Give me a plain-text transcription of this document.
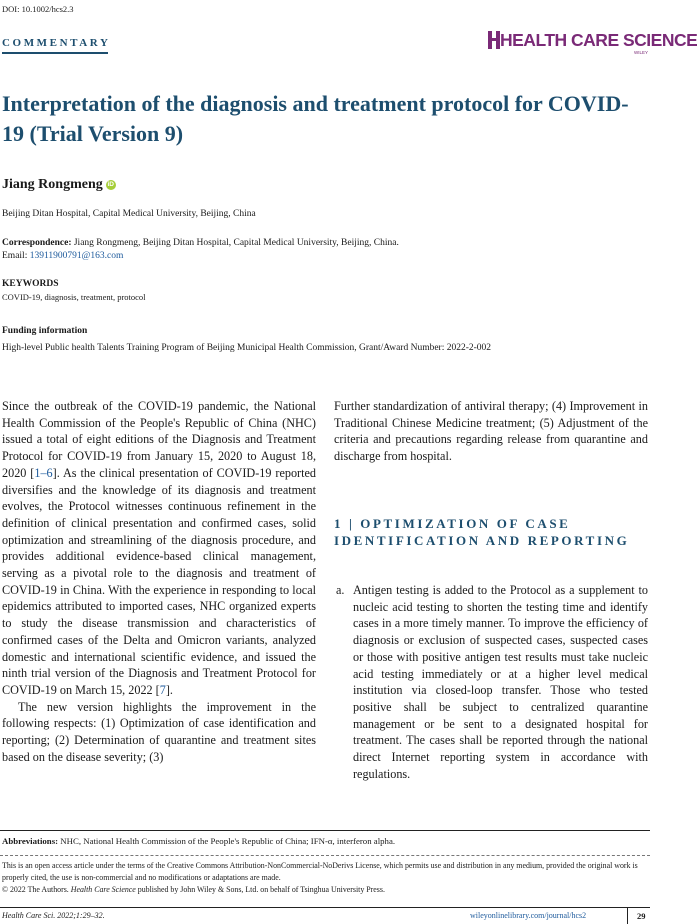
DOI: 10.1002/hcs2.3
COMMENTARY	HEALTH CARE SCIENCE
WILEY
Interpretation of the diagnosis and treatment protocol for COVID-19 (Trial Version 9)
Jiang Rongmeng iD
Beijing Ditan Hospital, Capital Medical University, Beijing, China
Correspondence: Jiang Rongmeng, Beijing Ditan Hospital, Capital Medical University, Beijing, China.
Email: 13911900791@163.com
KEYWORDS
COVID-19, diagnosis, treatment, protocol
Funding information
High-level Public health Talents Training Program of Beijing Municipal Health Commission, Grant/Award Number: 2022-2-002

Since the outbreak of the COVID-19 pandemic, the National Health Commission of the People's Republic of China (NHC) issued a total of eight editions of the Diagnosis and Treatment Protocol for COVID-19 from January 15, 2020 to August 18, 2020 [1–6]. As the clinical presentation of COVID-19 reported diversifies and the knowledge of its diagnosis and treatment evolves, the Protocol witnesses continuous refinement in the definition of clinical presentation and confirmed cases, solid optimization and streamlining of the diagnosis procedure, and provides additional evidence-based clinical management, serving as a pivotal role to the diagnosis and treatment of COVID-19 in China. With the experience in responding to local epidemics attributed to imported cases, NHC organized experts to study the disease transmission and characteristics of confirmed cases of the Delta and Omicron variants, analyzed domestic and international scientific evidence, and issued the ninth trial version of the Diagnosis and Treatment Protocol for COVID-19 on March 15, 2022 [7].

The new version highlights the improvement in the following respects: (1) Optimization of case identification and reporting; (2) Determination of quarantine and treatment sites based on the disease severity; (3)

Further standardization of antiviral therapy; (4) Improvement in Traditional Chinese Medicine treatment; (5) Adjustment of the criteria and precautions regarding release from quarantine and discharge from hospital.

1 | OPTIMIZATION OF CASE IDENTIFICATION AND REPORTING
a. Antigen testing is added to the Protocol as a supplement to nucleic acid testing to shorten the testing time and identify cases in a more timely manner. To improve the efficiency of diagnosis or exclusion of suspected cases, suspected cases or those with positive antigen test results must take nucleic acid testing immediately or at a higher level medical institution via closed-loop transfer. Those who tested positive shall be subject to centralized quarantine management or be sent to a designated hospital for treatment. The cases shall be reported through the national direct Internet reporting system in accordance with regulations.
Abbreviations: NHC, National Health Commission of the People's Republic of China; IFN-α, interferon alpha.
This is an open access article under the terms of the Creative Commons Attribution-NonCommercial-NoDerivs License, which permits use and distribution in any medium, provided the original work is properly cited, the use is non-commercial and no modifications or adaptations are made.
© 2022 The Authors. Health Care Science published by John Wiley & Sons, Ltd. on behalf of Tsinghua University Press.
Health Care Sci. 2022;1:29–32.	wileyonlinelibrary.com/journal/hcs2	29
